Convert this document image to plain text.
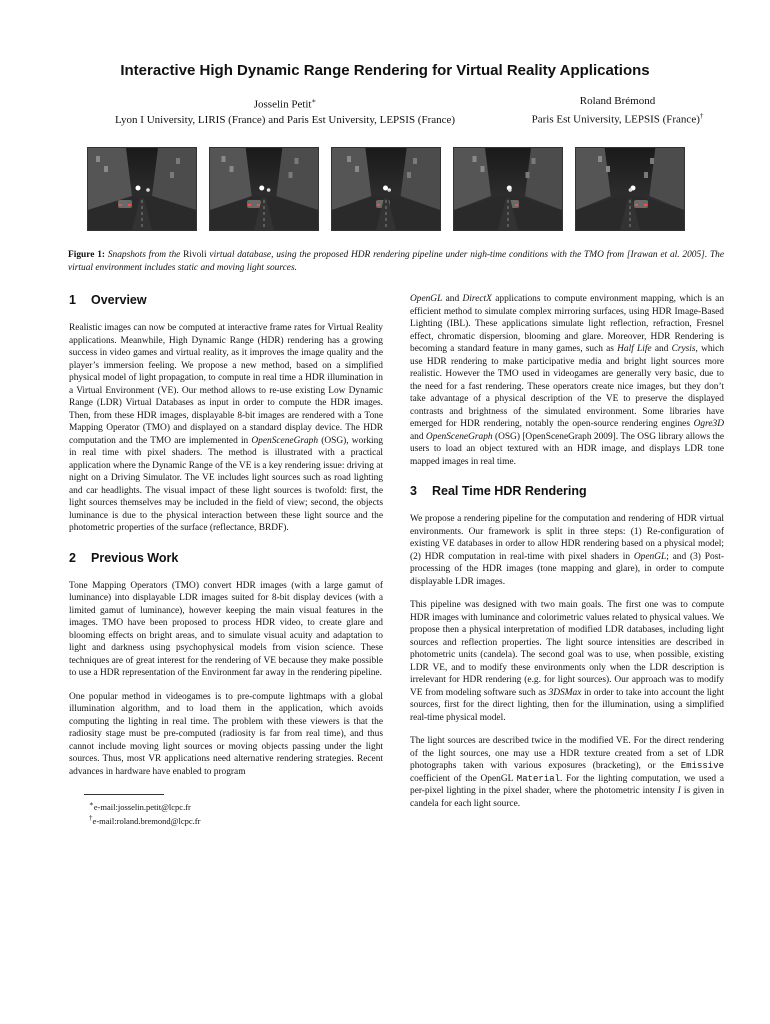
Interactive High Dynamic Range Rendering for Virtual Reality Applications
Josselin Petit∗
Lyon I University, LIRIS (France) and Paris Est University, LEPSIS (France)
Roland Brémond
Paris Est University, LEPSIS (France)†
Figure 1: Snapshots from the Rivoli virtual database, using the proposed HDR rendering pipeline under nigh-time conditions with the TMO from [Irawan et al. 2005]. The virtual environment includes static and moving light sources.
1 Overview

Realistic images can now be computed at interactive frame rates for Virtual Reality applications. Meanwhile, High Dynamic Range (HDR) rendering has a growing success in video games and virtual reality, as it improves the image quality and the player’s immersion feeling. We propose a new method, based on a simplified physical model of light propagation, to compute in real time a HDR illumination in a Virtual Environment (VE). Our method allows to re-use existing Low Dynamic Range (LDR) Virtual Databases as input in order to compute the HDR images. Then, from these HDR images, displayable 8-bit images are rendered with a Tone Mapping Operator (TMO) and displayed on a standard display device. The HDR computation and the TMO are implemented in OpenSceneGraph (OSG), working in real time with pixel shaders. The method is illustrated with a practical application where the Dynamic Range of the VE is a key rendering issue: driving at night on a Driving Simulator. The VE includes light sources such as road lighting and car headlights. The visual impact of these light sources is twofold: first, the light sources themselves may be included in the field of view; second, the objects luminance is due to the physical interaction between these light source and the photometric properties of the surface (reflectance, BRDF).

2 Previous Work

Tone Mapping Operators (TMO) convert HDR images (with a large gamut of luminance) into displayable LDR images suited for 8-bit display devices (with a limited gamut of luminance), however keeping the main visual features in the images. TMO have been proposed to process HDR video, to create glare and blooming effects on bright areas, and to simulate visual acuity and adaptation to light and darkness using psychophysical models from vision science. These techniques are of great interest for the rendering of VE because they make possible to use a HDR representation of the Environment far away in the rendering pipeline.

One popular method in videogames is to pre-compute lightmaps with a global illumination algorithm, and to load them in the application, which avoids computing the lighting in real time. The problem with these viewers is that the radiosity stage must be pre-computed (radiosity is far from real time), and thus cannot include moving light sources or moving objects passing under the light sources. Thus, most VR applications need alternative rendering strategies. Recent advances in hardware have enabled to program

∗e-mail:josselin.petit@lcpc.fr
†e-mail:roland.bremond@lcpc.fr

OpenGL and DirectX applications to compute environment mapping, which is an efficient method to simulate complex mirroring surfaces, using HDR Image-Based Lighting (IBL). These applications simulate light reflection, refraction, Fresnel effect, chromatic dispersion, blooming and glare. Moreover, HDR Rendering is becoming a standard feature in many games, such as Half Life and Crysis, which use HDR rendering to make participative media and bright light sources more realistic. However the TMO used in videogames are generally very basic, due to the need for a fast rendering. These operators create nice images, but they don’t take advantage of a physical description of the VE to preserve the displayed contrasts and brightness of the simulated environment. Some libraries have emerged for HDR rendering, notably the open-source rendering engines Ogre3D and OpenSceneGraph (OSG) [OpenSceneGraph 2009]. The OSG library allows the users to load an object textured with an HDR image, and displays LDR tone mapped images in real time.

3 Real Time HDR Rendering

We propose a rendering pipeline for the computation and rendering of HDR virtual environments. Our framework is split in three steps: (1) Re-configuration of existing VE databases in order to allow HDR rendering based on a physical model; (2) HDR computation in real-time with pixel shaders in OpenGL; and (3) Post-processing of the HDR images (tone mapping and glare), in order to compute displayable LDR images.

This pipeline was designed with two main goals. The first one was to compute HDR images with luminance and colorimetric values related to physical values. We propose then a physical interpretation of modified LDR databases, including light sources and reflection properties. The light source intensities are described in photometric units (candela). The second goal was to use, when possible, existing LDR VE, and to modify these environments only when the LDR description is irrelevant for HDR rendering (e.g. for light sources). Our approach was to modify VE from modeling software such as 3DSMax in order to take into account the light sources, first for the direct lighting, then for the illumination, using a simplified real-time physical model.

The light sources are described twice in the modified VE. For the direct rendering of the light sources, one may use a HDR texture created from a set of LDR photographs taken with various exposures (bracketing), or the Emissive coefficient of the OpenGL Material. For the lighting computation, we used a per-pixel lighting in the pixel shader, where the photometric intensity I is given in candela for each light source.
